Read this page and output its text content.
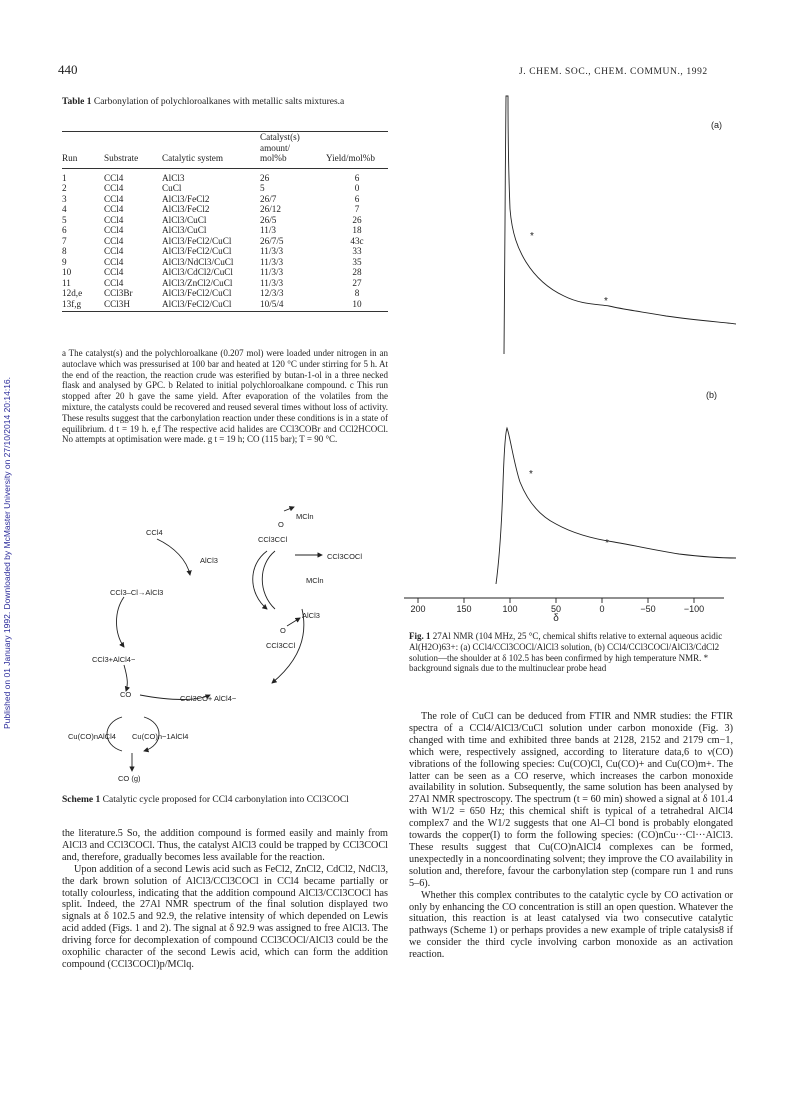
Published on 01 January 1992. Downloaded by McMaster University on 27/10/2014 20:14:16.
440	J. CHEM. SOC., CHEM. COMMUN., 1992
Table 1 Carbonylation of polychloroalkanes with metallic salts mixtures.a
			Catalyst(s)	
			amount/	
Run	Substrate	Catalytic system	mol%b	Yield/mol%b

1	CCl4	AlCl3	26	6
2	CCl4	CuCl	5	0
3	CCl4	AlCl3/FeCl2	26/7	6
4	CCl4	AlCl3/FeCl2	26/12	7
5	CCl4	AlCl3/CuCl	26/5	26
6	CCl4	AlCl3/CuCl	11/3	18
7	CCl4	AlCl3/FeCl2/CuCl	26/7/5	43c
8	CCl4	AlCl3/FeCl2/CuCl	11/3/3	33
9	CCl4	AlCl3/NdCl3/CuCl	11/3/3	35
10	CCl4	AlCl3/CdCl2/CuCl	11/3/3	28
11	CCl4	AlCl3/ZnCl2/CuCl	11/3/3	27
12d,e	CCl3Br	AlCl3/FeCl2/CuCl	12/3/3	8
13f,g	CCl3H	AlCl3/FeCl2/CuCl	10/5/4	10
a The catalyst(s) and the polychloroalkane (0.207 mol) were loaded under nitrogen in an autoclave which was pressurised at 100 bar and heated at 120 °C under stirring for 5 h. At the end of the reaction, the reaction crude was esterified by butan-1-ol in a three necked flask and analysed by GPC. b Related to initial polychloroalkane compound. c This run stopped after 20 h gave the same yield. After evaporation of the volatiles from the mixture, the catalysts could be recovered and reused several times without loss of activity. These results suggest that the carbonylation reaction under these conditions is in a state of equilibrium. d t = 19 h. e,f The respective acid halides are CCl3COBr and CCl2HCOCl. No attempts at optimisation were made. g t = 19 h; CO (115 bar); T = 90 °C.
CCl4
AlCl3
CCl3–Cl→AlCl3
CCl3+AlCl4−
CO	CCl3CO+ AlCl4−
Cu(CO)nAlCl4 Cu(CO)n−1AlCl4
CO (g)
MCln
O
CCl3CCl
CCl3COCl
MCln
AlCl3
O
CCl3CCl
Scheme 1 Catalytic cycle proposed for CCl4 carbonylation into CCl3COCl

the literature.5 So, the addition compound is formed easily and mainly from AlCl3 and CCl3COCl. Thus, the catalyst AlCl3 could be trapped by CCl3COCl and, therefore, gradually becomes less available for the reaction.

Upon addition of a second Lewis acid such as FeCl2, ZnCl2, CdCl2, NdCl3, the dark brown solution of AlCl3/CCl3COCl in CCl4 became partially or totally colourless, indicating that the addition compound AlCl3/CCl3COCl has split. Indeed, the 27Al NMR spectrum of the final solution displayed two signals at δ 102.5 and 92.9, the relative intensity of which depended on Lewis acid added (Figs. 1 and 2). The signal at δ 92.9 was assigned to free AlCl3. The driving force for decomplexation of compound CCl3COCl/AlCl3 could be the oxophilic character of the second Lewis acid, which can form the addition compound (CCl3COCl)p/MClq.

(a)
(b)
*
*
*
*
200	150	100	50	0	−50	−100
δ
Fig. 1 27Al NMR (104 MHz, 25 °C, chemical shifts relative to external aqueous acidic Al(H2O)63+: (a) CCl4/CCl3COCl/AlCl3 solution, (b) CCl4/CCl3COCl/AlCl3/CdCl2 solution—the shoulder at δ 102.5 has been confirmed by high temperature NMR. * background signals due to the multinuclear probe head

The role of CuCl can be deduced from FTIR and NMR studies: the FTIR spectra of a CCl4/AlCl3/CuCl solution under carbon monoxide (Fig. 3) changed with time and exhibited three bands at 2128, 2152 and 2179 cm−1, which were, respectively assigned, according to literature data,6 to ν(CO) vibrations of the following species: Cu(CO)Cl, Cu(CO)+ and Cu(CO)m+. The latter can be seen as a CO reserve, which increases the carbon monoxide availability in solution. Subsequently, the same solution has been analysed by 27Al NMR spectroscopy. The spectrum (t = 60 min) showed a signal at δ 101.4 with W1/2 = 650 Hz; this chemical shift is typical of a tetrahedral AlCl4 complex7 and the W1/2 suggests that one Al–Cl bond is probably elongated towards the copper(I) to form the following species: (CO)nCu···Cl···AlCl3. These results suggest that Cu(CO)nAlCl4 complexes can be formed, unexpectedly in a noncoordinating solvent; they improve the CO availability in solution and, therefore, favour the carbonylation step (compare run 1 and runs 5–6).

Whether this complex contributes to the catalytic cycle by CO activation or only by enhancing the CO concentration is still an open question. Whatever the situation, this reaction is at least catalysed via two consecutive catalytic pathways (Scheme 1) or perhaps provides a new example of triple catalysis8 if we consider the third cycle involving carbon monoxide as an activation reaction.
